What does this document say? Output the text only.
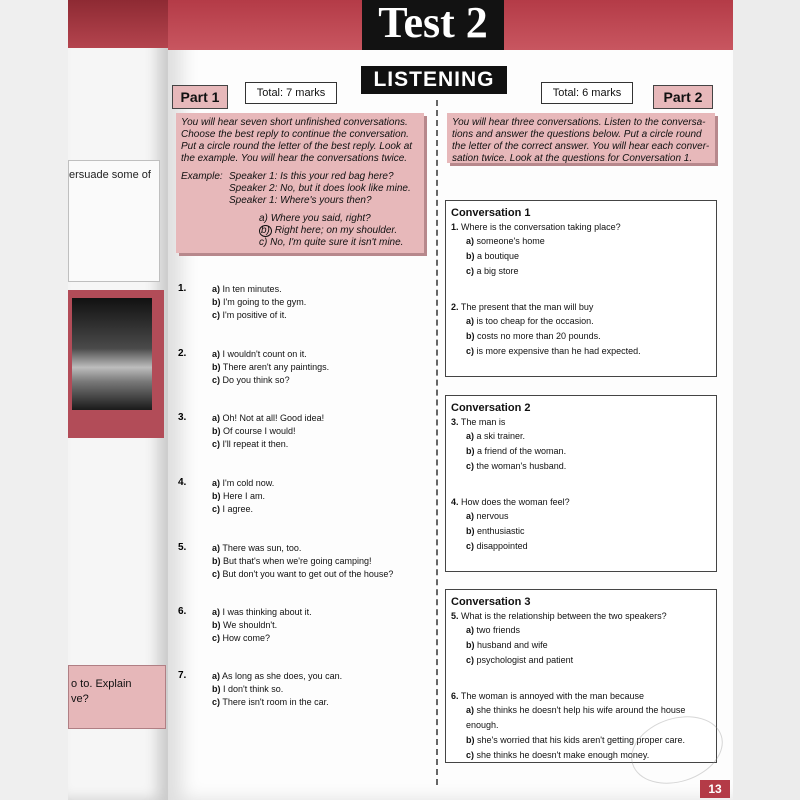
ersuade some of
o to. Explain
ve?
Test 2
LISTENING
Part 1	Total: 7 marks	Total: 6 marks	Part 2

You will hear seven short unfinished conversations.

Choose the best reply to continue the conversation.

Put a circle round the letter of the best reply. Look at

the example. You will hear the conversations twice.

Example: Speaker 1: Is this your red bag here?

Speaker 2: No, but it does look like mine.

Speaker 1: Where's yours then?

a) Where you said, right?

b) Right here; on my shoulder.

c) No, I'm quite sure it isn't mine.

1.	a) In ten minutes.
b) I'm going to the gym.
c) I'm positive of it.
2.	a) I wouldn't count on it.
b) There aren't any paintings.
c) Do you think so?
3.	a) Oh! Not at all! Good idea!
b) Of course I would!
c) I'll repeat it then.
4.	a) I'm cold now.
b) Here I am.
c) I agree.
5.	a) There was sun, too.
b) But that's when we're going camping!
c) But don't you want to get out of the house?
6.	a) I was thinking about it.
b) We shouldn't.
c) How come?
7.	a) As long as she does, you can.
b) I don't think so.
c) There isn't room in the car.

You will hear three conversations. Listen to the conversa-

tions and answer the questions below. Put a circle round

the letter of the correct answer. You will hear each conver-

sation twice. Look at the questions for Conversation 1.

Conversation 1
1. Where is the conversation taking place?
a) someone's home
b) a boutique
c) a big store
2. The present that the man will buy
a) is too cheap for the occasion.
b) costs no more than 20 pounds.
c) is more expensive than he had expected.
Conversation 2
3. The man is
a) a ski trainer.
b) a friend of the woman.
c) the woman's husband.
4. How does the woman feel?
a) nervous
b) enthusiastic
c) disappointed
Conversation 3
5. What is the relationship between the two speakers?
a) two friends
b) husband and wife
c) psychologist and patient
6. The woman is annoyed with the man because
a) she thinks he doesn't help his wife around the house enough.
b) she's worried that his kids aren't getting proper care.
c) she thinks he doesn't make enough money.
13
